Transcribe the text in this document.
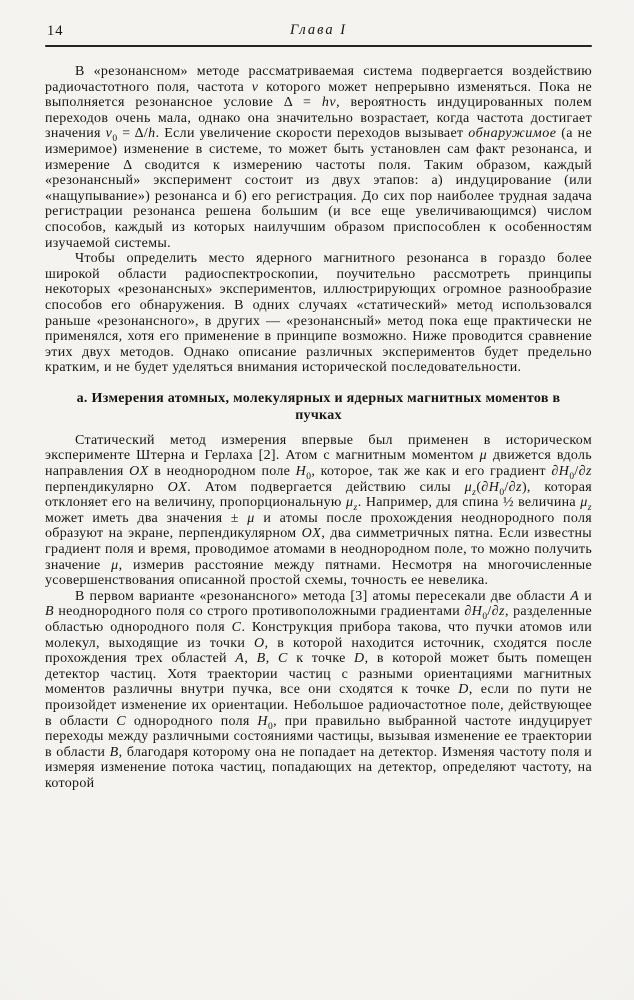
14	Глава I

В «резонансном» методе рассматриваемая система подвергается воздействию радиочастотного поля, частота ν которого может непрерывно изменяться. Пока не выполняется резонансное условие Δ = hν, вероятность индуцированных полем переходов очень мала, однако она значительно возрастает, когда частота достигает значения $\nu_0 = \Delta/h$. Если увеличение скорости переходов вызывает обнаружимое (а не измеримое) изменение в системе, то может быть установлен сам факт резонанса, и измерение Δ сводится к измерению частоты поля. Таким образом, каждый «резонансный» эксперимент состоит из двух этапов: а) индуцирование (или «нащупывание») резонанса и б) его регистрация. До сих пор наиболее трудная задача регистрации резонанса решена большим (и все еще увеличивающимся) числом способов, каждый из которых наилучшим образом приспособлен к особенностям изучаемой системы.

Чтобы определить место ядерного магнитного резонанса в гораздо более широкой области радиоспектроскопии, поучительно рассмотреть принципы некоторых «резонансных» экспериментов, иллюстрирующих огромное разнообразие способов его обнаружения. В одних случаях «статический» метод использовался раньше «резонансного», в других — «резонансный» метод пока еще практически не применялся, хотя его применение в принципе возможно. Ниже проводится сравнение этих двух методов. Однако описание различных экспериментов будет предельно кратким, и не будет уделяться внимания исторической последовательности.

а. Измерения атомных, молекулярных и ядерных магнитных моментов в пучках

Статический метод измерения впервые был применен в историческом эксперименте Штерна и Герлаха [2]. Атом с магнитным моментом μ движется вдоль направления OX в неоднородном поле $H_0$, которое, так же как и его градиент $\partial H_0/\partial z$ перпендикулярно OX. Атом подвергается действию силы $\mu_z(\partial H_0/\partial z)$, которая отклоняет его на величину, пропорциональную $\mu_z$. Например, для спина ½ величина $\mu_z$ может иметь два значения ± μ и атомы после прохождения неоднородного поля образуют на экране, перпендикулярном OX, два симметричных пятна. Если известны градиент поля и время, проводимое атомами в неоднородном поле, то можно получить значение μ, измерив расстояние между пятнами. Несмотря на многочисленные усовершенствования описанной простой схемы, точность ее невелика.

В первом варианте «резонансного» метода [3] атомы пересекали две области A и B неоднородного поля со строго противоположными градиентами $\partial H_0/\partial z$, разделенные областью однородного поля C. Конструкция прибора такова, что пучки атомов или молекул, выходящие из точки O, в которой находится источник, сходятся после прохождения трех областей A, B, C к точке D, в которой может быть помещен детектор частиц. Хотя траектории частиц с разными ориентациями магнитных моментов различны внутри пучка, все они сходятся к точке D, если по пути не произойдет изменение их ориентации. Небольшое радиочастотное поле, действующее в области C однородного поля $H_0$, при правильно выбранной частоте индуцирует переходы между различными состояниями частицы, вызывая изменение ее траектории в области B, благодаря которому она не попадает на детектор. Изменяя частоту поля и измеряя изменение потока частиц, попадающих на детектор, определяют частоту, на которой
